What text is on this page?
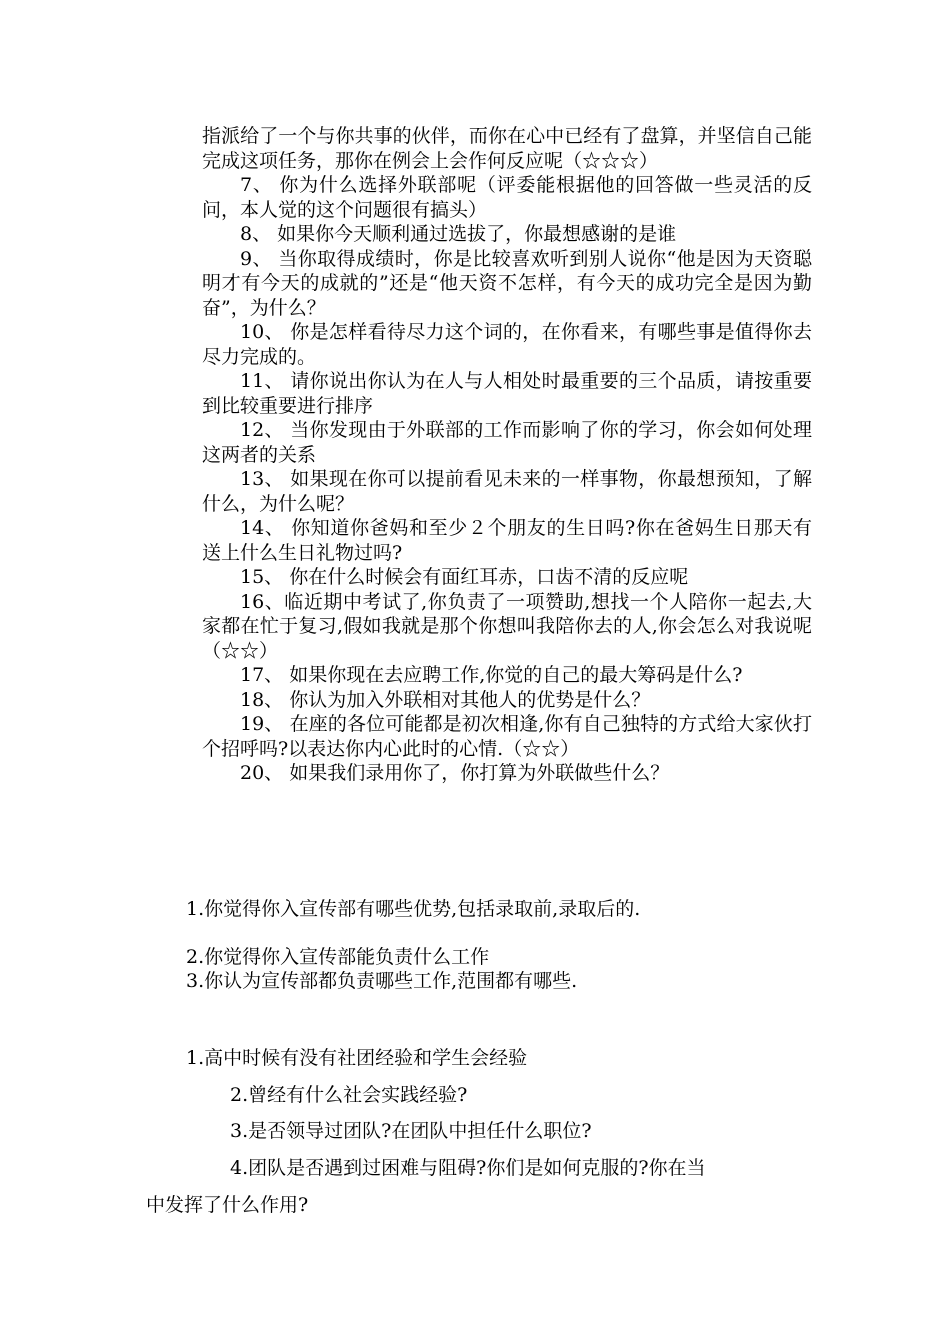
指派给了一个与你共事的伙伴，而你在心中已经有了盘算，并坚信自己能完成这项任务，那你在例会上会作何反应呢（☆☆☆）

7、 你为什么选择外联部呢（评委能根据他的回答做一些灵活的反问，本人觉的这个问题很有搞头）

8、 如果你今天顺利通过选拔了，你最想感谢的是谁

9、 当你取得成绩时，你是比较喜欢听到别人说你“他是因为天资聪明才有今天的成就的”还是“他天资不怎样，有今天的成功完全是因为勤奋”，为什么？

10、 你是怎样看待尽力这个词的，在你看来，有哪些事是值得你去尽力完成的。

11、 请你说出你认为在人与人相处时最重要的三个品质，请按重要到比较重要进行排序

12、 当你发现由于外联部的工作而影响了你的学习，你会如何处理这两者的关系

13、 如果现在你可以提前看见未来的一样事物，你最想预知，了解什么，为什么呢？

14、 你知道你爸妈和至少２个朋友的生日吗?你在爸妈生日那天有送上什么生日礼物过吗?

15、 你在什么时候会有面红耳赤，口齿不清的反应呢

16、临近期中考试了,你负责了一项赞助,想找一个人陪你一起去,大家都在忙于复习,假如我就是那个你想叫我陪你去的人,你会怎么对我说呢（☆☆）

17、 如果你现在去应聘工作,你觉的自己的最大筹码是什么?

18、 你认为加入外联相对其他人的优势是什么？

19、 在座的各位可能都是初次相逢,你有自己独特的方式给大家伙打个招呼吗?以表达你内心此时的心情.（☆☆）

20、 如果我们录用你了，你打算为外联做些什么？

1.你觉得你入宣传部有哪些优势,包括录取前,录取后的.
2.你觉得你入宣传部能负责什么工作
3.你认为宣传部都负责哪些工作,范围都有哪些.
1.高中时候有没有社团经验和学生会经验
2.曾经有什么社会实践经验?
3.是否领导过团队?在团队中担任什么职位?
4.团队是否遇到过困难与阻碍?你们是如何克服的?你在当
中发挥了什么作用?
